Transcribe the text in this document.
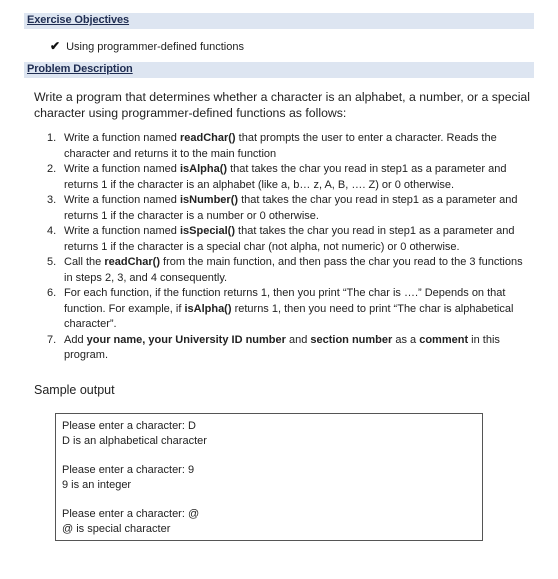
Exercise Objectives
✔ Using programmer-defined functions
Problem Description
Write a program that determines whether a character is an alphabet, a number, or a special character using programmer-defined functions as follows:
1. Write a function named readChar() that prompts the user to enter a character. Reads the character and returns it to the main function
2. Write a function named isAlpha() that takes the char you read in step1 as a parameter and returns 1 if the character is an alphabet (like a, b… z, A, B, …. Z) or 0 otherwise.
3. Write a function named isNumber() that takes the char you read in step1 as a parameter and returns 1 if the character is a number or 0 otherwise.
4. Write a function named isSpecial() that takes the char you read in step1 as a parameter and returns 1 if the character is a special char (not alpha, not numeric) or 0 otherwise.
5. Call the readChar() from the main function, and then pass the char you read to the 3 functions in steps 2, 3, and 4 consequently.
6. For each function, if the function returns 1, then you print “The char is ….” Depends on that function. For example, if isAlpha() returns 1, then you need to print “The char is alphabetical character”.
7. Add your name, your University ID number and section number as a comment in this program.
Sample output
Please enter a character: D
D is an alphabetical character
Please enter a character: 9
9 is an integer
Please enter a character: @
@ is special character
